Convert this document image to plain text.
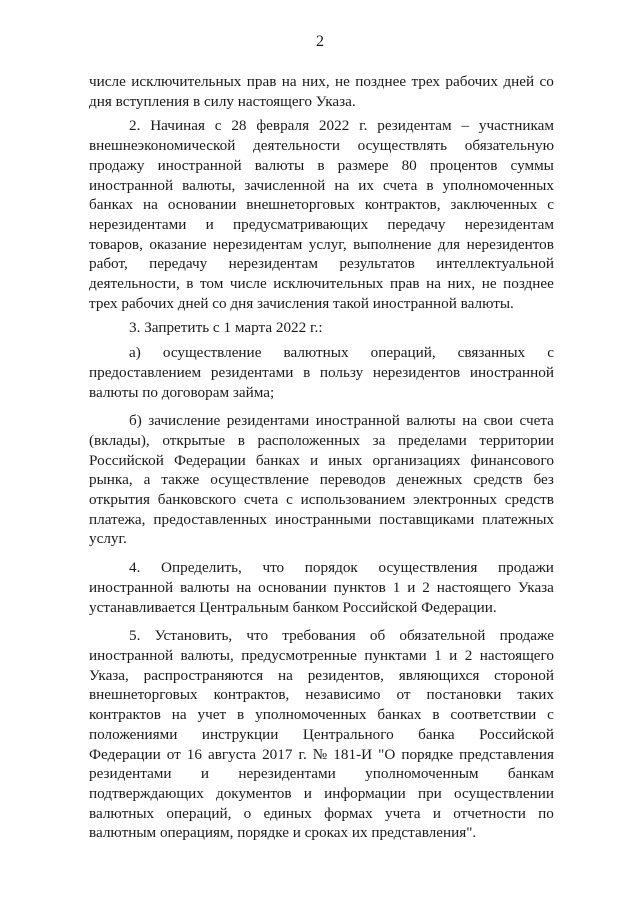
2
числе исключительных прав на них, не позднее трех рабочих дней со
дня вступления в силу настоящего Указа.
2. Начиная с 28 февраля 2022 г. резидентам – участникам
внешнеэкономической деятельности осуществлять обязательную
продажу иностранной валюты в размере 80 процентов суммы
иностранной валюты, зачисленной на их счета в уполномоченных
банках на основании внешнеторговых контрактов, заключенных с
нерезидентами и предусматривающих передачу нерезидентам
товаров, оказание нерезидентам услуг, выполнение для нерезидентов
работ, передачу нерезидентам результатов интеллектуальной
деятельности, в том числе исключительных прав на них, не позднее
трех рабочих дней со дня зачисления такой иностранной валюты.
3. Запретить с 1 марта 2022 г.:
а) осуществление валютных операций, связанных с
предоставлением резидентами в пользу нерезидентов иностранной
валюты по договорам займа;
б) зачисление резидентами иностранной валюты на свои счета
(вклады), открытые в расположенных за пределами территории
Российской Федерации банках и иных организациях финансового
рынка, а также осуществление переводов денежных средств без
открытия банковского счета с использованием электронных средств
платежа, предоставленных иностранными поставщиками платежных
услуг.
4. Определить, что порядок осуществления продажи
иностранной валюты на основании пунктов 1 и 2 настоящего Указа
устанавливается Центральным банком Российской Федерации.
5. Установить, что требования об обязательной продаже
иностранной валюты, предусмотренные пунктами 1 и 2 настоящего
Указа, распространяются на резидентов, являющихся стороной
внешнеторговых контрактов, независимо от постановки таких
контрактов на учет в уполномоченных банках в соответствии с
положениями инструкции Центрального банка Российской
Федерации от 16 августа 2017 г. № 181-И "О порядке представления
резидентами и нерезидентами уполномоченным банкам
подтверждающих документов и информации при осуществлении
валютных операций, о единых формах учета и отчетности по
валютным операциям, порядке и сроках их представления".
